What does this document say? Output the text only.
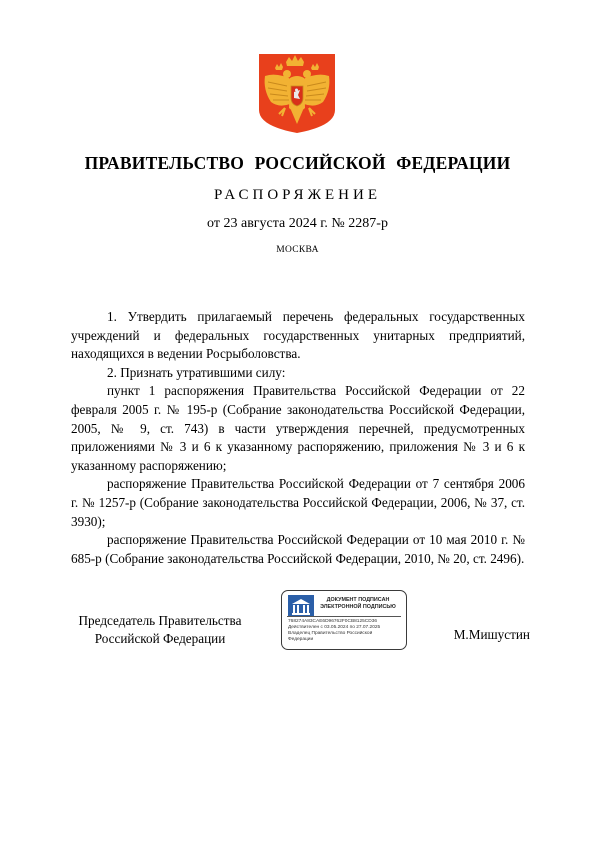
ПРАВИТЕЛЬСТВО РОССИЙСКОЙ ФЕДЕРАЦИИ
РАСПОРЯЖЕНИЕ
от 23 августа 2024 г. № 2287-р
МОСКВА

1. Утвердить прилагаемый перечень федеральных государственных учреждений и федеральных государственных унитарных предприятий, находящихся в ведении Росрыболовства.

2. Признать утратившими силу:

пункт 1 распоряжения Правительства Российской Федерации от 22 февраля 2005 г. № 195-р (Собрание законодательства Российской Федерации, 2005, № 9, ст. 743) в части утверждения перечней, предусмотренных приложениями № 3 и 6 к указанному распоряжению, приложения № 3 и 6 к указанному распоряжению;

распоряжение Правительства Российской Федерации от 7 сентября 2006 г. № 1257-р (Собрание законодательства Российской Федерации, 2006, № 37, ст. 3930);

распоряжение Правительства Российской Федерации от 10 мая 2010 г. № 685-р (Собрание законодательства Российской Федерации, 2010, № 20, ст. 2496).

Председатель Правительства
Российской Федерации
ДОКУМЕНТ ПОДПИСАН
ЭЛЕКТРОННОЙ ПОДПИСЬЮ
768274A83CAE6D96762F0CB8125CD36
Действителен с 03.05.2024 по 27.07.2025
Владелец Правительство Российской
Федерации	М.Мишустин
